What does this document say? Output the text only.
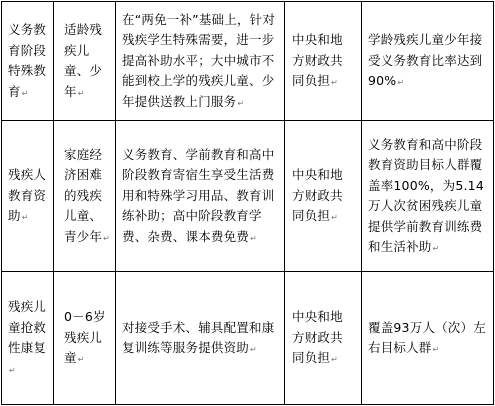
义务教育阶段特殊教育↵	适龄残疾儿童、少年↵	在“两免一补”基础上，针对残疾学生特殊需要，进一步提高补助水平；大中城市不能到校上学的残疾儿童、少年提供送教上门服务↵	中央和地方财政共同负担↵	学龄残疾儿童少年接受义务教育比率达到90%↵

残疾人教育资助↵	家庭经济困难的残疾儿童、青少年↵	义务教育、学前教育和高中阶段教育寄宿生享受生活费用和特殊学习用品、教育训练补助；高中阶段教育学费、杂费、课本费免费↵	中央和地方财政共同负担↵	义务教育和高中阶段教育资助目标人群覆盖率100%，为5.14万人次贫困残疾儿童提供学前教育训练费和生活补助↵

残疾儿童抢救性康复↵	0－6岁残疾儿童↵	对接受手术、辅具配置和康复训练等服务提供资助↵	中央和地方财政共同负担↵	覆盖93万人（次）左右目标人群↵
